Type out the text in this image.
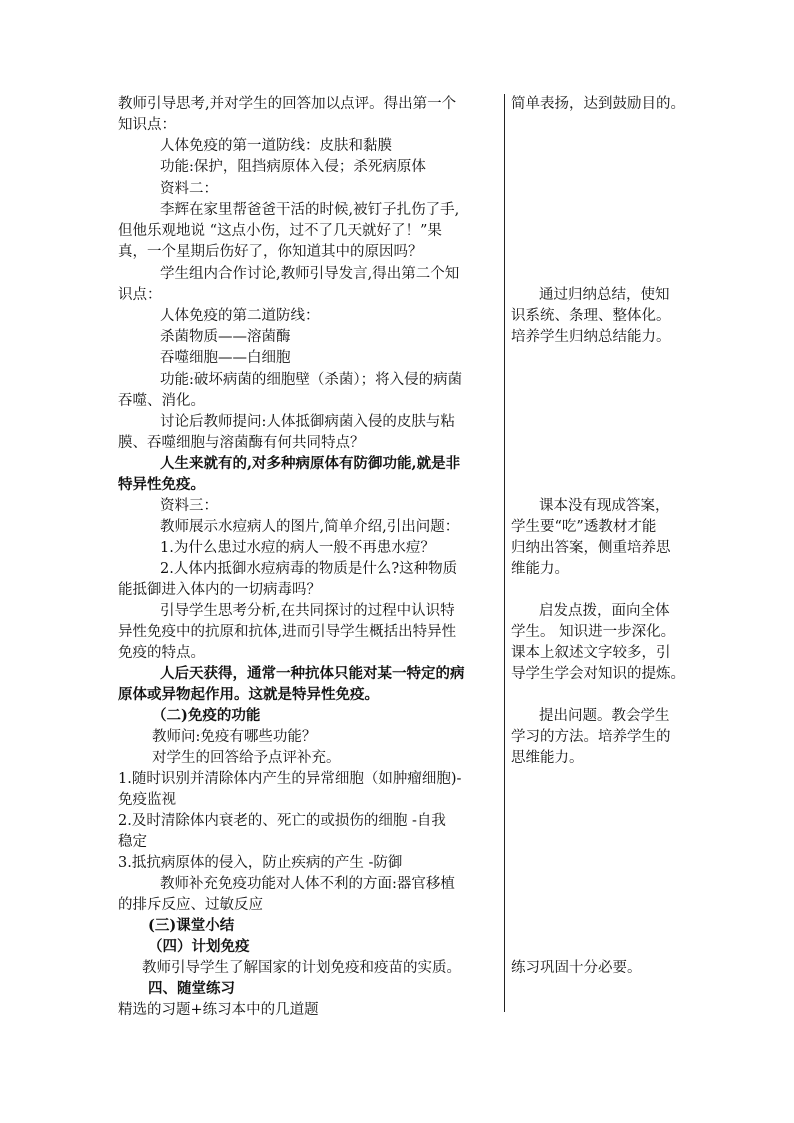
教师引导思考,并对学生的回答加以点评。得出第一个
知识点：
人体免疫的第一道防线：皮肤和黏膜
功能:保护，阻挡病原体入侵；杀死病原体
资料二：
李辉在家里帮爸爸干活的时候,被钉子扎伤了手,
但他乐观地说 “这点小伤，过不了几天就好了！”果
真，一个星期后伤好了，你知道其中的原因吗？
学生组内合作讨论,教师引导发言,得出第二个知
识点：
人体免疫的第二道防线：
杀菌物质——溶菌酶
吞噬细胞——白细胞
功能:破坏病菌的细胞壁（杀菌）；将入侵的病菌
吞噬、消化。
讨论后教师提问:人体抵御病菌入侵的皮肤与粘
膜、吞噬细胞与溶菌酶有何共同特点？
人生来就有的,对多种病原体有防御功能,就是非
特异性免疫。
资料三：
教师展示水痘病人的图片,简单介绍,引出问题：
1.为什么患过水痘的病人一般不再患水痘？
2.人体内抵御水痘病毒的物质是什么?这种物质
能抵御进入体内的一切病毒吗？
引导学生思考分析,在共同探讨的过程中认识特
异性免疫中的抗原和抗体,进而引导学生概括出特异性
免疫的特点。
人后天获得，通常一种抗体只能对某一特定的病
原体或异物起作用。这就是特异性免疫。
（二)免疫的功能
教师问:免疫有哪些功能？
对学生的回答给予点评补充。
1.随时识别并清除体内产生的异常细胞（如肿瘤细胞)-
免疫监视
2.及时清除体内衰老的、死亡的或损伤的细胞 -自我
稳定
3.抵抗病原体的侵入，防止疾病的产生 -防御
教师补充免疫功能对人体不利的方面:器官移植
的排斥反应、过敏反应
(三)课堂小结
（四）计划免疫
教师引导学生了解国家的计划免疫和疫苗的实质。
四、随堂练习
精选的习题+练习本中的几道题
简单表扬，达到鼓励目的。
通过归纳总结，使知
识系统、条理、整体化。
培养学生归纳总结能力。
课本没有现成答案，
学生要“吃”透教材才能
归纳出答案，侧重培养思
维能力。
启发点拨，面向全体
学生。 知识进一步深化。
课本上叙述文字较多，引
导学生学会对知识的提炼。
提出问题。教会学生
学习的方法。培养学生的
思维能力。
练习巩固十分必要。
